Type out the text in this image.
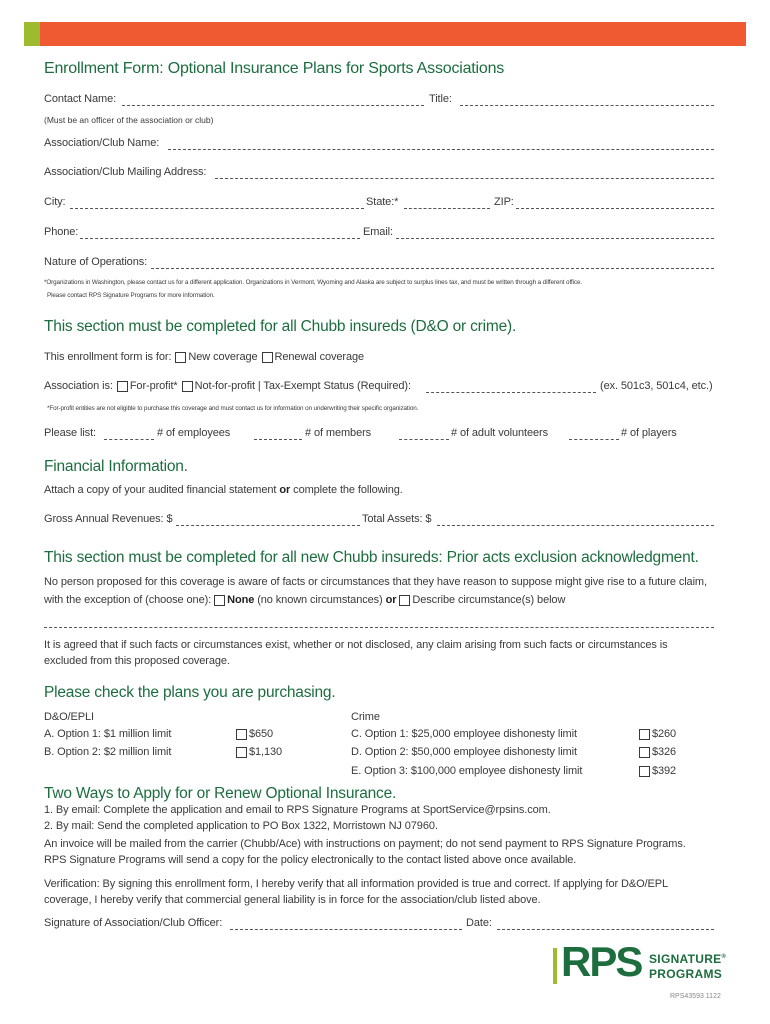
Enrollment Form: Optional Insurance Plans for Sports Associations
Contact Name:	Title:
(Must be an officer of the association or club)
Association/Club Name:
Association/Club Mailing Address:
City:	State:*	ZIP:
Phone:	Email:
Nature of Operations:
*Organizations in Washington, please contact us for a different application. Organizations in Vermont, Wyoming and Alaska are subject to surplus lines tax, and must be written through a different office.
Please contact RPS Signature Programs for more information.
This section must be completed for all Chubb insureds (D&O or crime).
This enrollment form is for: New coverage Renewal coverage
Association is: For-profit* Not-for-profit | Tax-Exempt Status (Required):	(ex. 501c3, 501c4, etc.)
*For-profit entities are not eligible to purchase this coverage and must contact us for information on underwriting their specific organization.
Please list:	# of employees	# of members	# of adult volunteers	# of players
Financial Information.
Attach a copy of your audited financial statement or complete the following.
Gross Annual Revenues: $	Total Assets: $
This section must be completed for all new Chubb insureds: Prior acts exclusion acknowledgment.
No person proposed for this coverage is aware of facts or circumstances that they have reason to suppose might give rise to a future claim,
with the exception of (choose one): None (no known circumstances) or Describe circumstance(s) below
It is agreed that if such facts or circumstances exist, whether or not disclosed, any claim arising from such facts or circumstances is
excluded from this proposed coverage.
Please check the plans you are purchasing.
D&O/EPLI
A. Option 1: $1 million limit	$650
B. Option 2: $2 million limit	$1,130
Crime
C. Option 1: $25,000 employee dishonesty limit	$260
D. Option 2: $50,000 employee dishonesty limit	$326
E. Option 3: $100,000 employee dishonesty limit	$392
Two Ways to Apply for or Renew Optional Insurance.
1. By email: Complete the application and email to RPS Signature Programs at SportService@rpsins.com.
2. By mail: Send the completed application to PO Box 1322, Morristown NJ 07960.
An invoice will be mailed from the carrier (Chubb/Ace) with instructions on payment; do not send payment to RPS Signature Programs.
RPS Signature Programs will send a copy for the policy electronically to the contact listed above once available.
Verification: By signing this enrollment form, I hereby verify that all information provided is true and correct. If applying for D&O/EPL
coverage, I hereby verify that commercial general liability is in force for the association/club listed above.
Signature of Association/Club Officer:	Date:
RPS SIGNATURE®
PROGRAMS
RPS43593 1122
